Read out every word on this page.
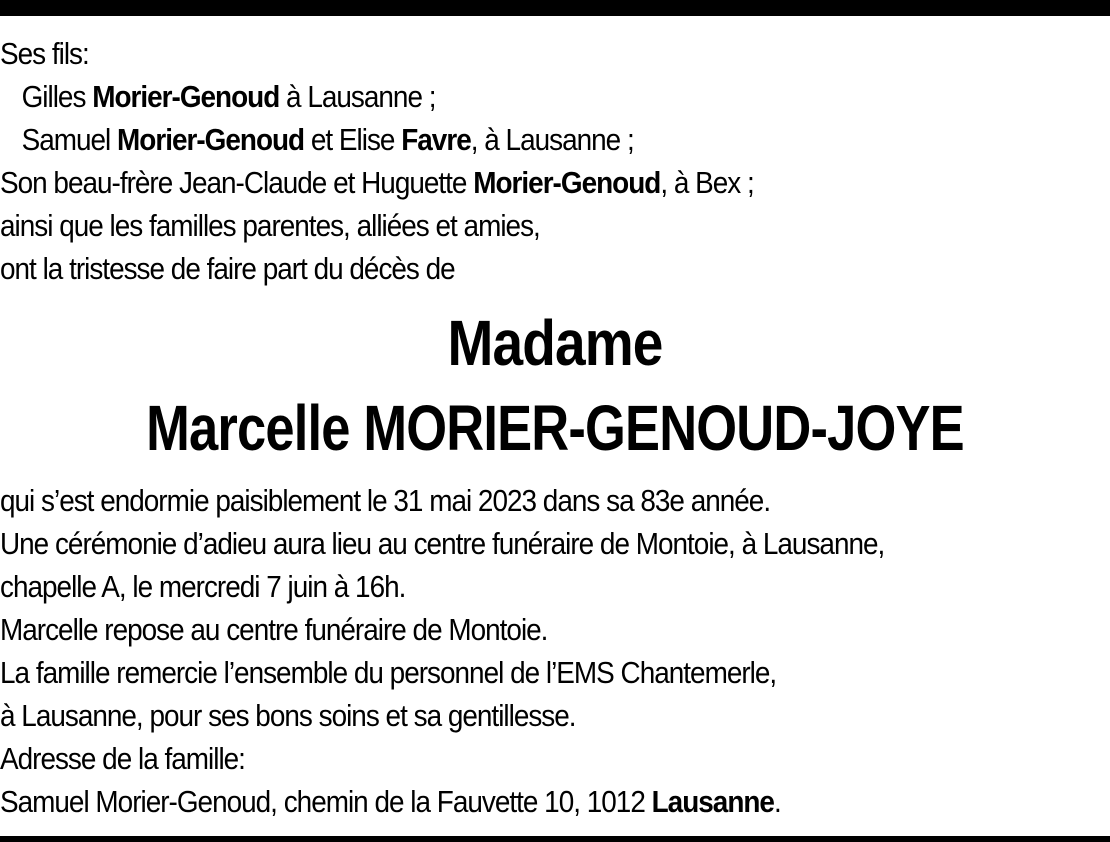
Ses fils:
Gilles Morier-Genoud à Lausanne ;
Samuel Morier-Genoud et Elise Favre, à Lausanne ;
Son beau-frère Jean-Claude et Huguette Morier-Genoud, à Bex ;
ainsi que les familles parentes, alliées et amies,
ont la tristesse de faire part du décès de
Madame
Marcelle MORIER-GENOUD-JOYE
qui s’est endormie paisiblement le 31 mai 2023 dans sa 83e année.
Une cérémonie d’adieu aura lieu au centre funéraire de Montoie, à Lausanne,
chapelle A, le mercredi 7 juin à 16h.
Marcelle repose au centre funéraire de Montoie.
La famille remercie l’ensemble du personnel de l’EMS Chantemerle,
à Lausanne, pour ses bons soins et sa gentillesse.
Adresse de la famille:
Samuel Morier-Genoud, chemin de la Fauvette 10, 1012 Lausanne.
